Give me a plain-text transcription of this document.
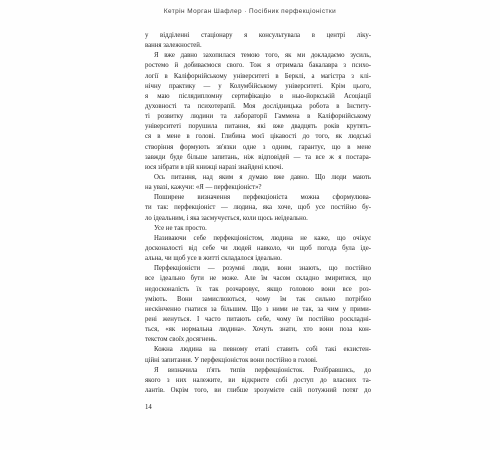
Кетрін Морган Шафлер · Посібник перфекціоністки
у відділенні стаціонару я консультувала в центрі ліку-
вання залежностей.
Я вже давно захопилася темою того, як ми докладаємо зусиль,
ростемо й добиваємося свого. Тож я отримала бакалавра з психо-
логії в Каліфорнійському університеті в Берклі, а магістра з клі-
нічну практику — у Колумбійському університеті. Крім цього,
я маю післядипломну сертифікацію в нью-йоркській Асоціації
духовності та психотерапії. Моя дослідницька робота в Інститу-
ті розвитку людини та лабораторії Гаммена в Каліфорнійському
університеті порушила питання, які вже двадцять років крутять-
ся в мене в голові. Глибина моєї цікавості до того, як людські
створіння формують зв'язки одне з одним, гарантує, що в мене
завжди буде більше запитань, ніж відповідей — та все ж я постара-
юся зібрати в цій книжці наразі знайдені ключі.
Ось питання, над яким я думаю вже давно. Що люди мають
на увазі, кажучи: «Я — перфекціоніст»?
Поширене визначення перфекціоніста можна сформулюва-
ти так: перфекціоніст — людина, яка хоче, щоб усе постійно бу-
ло ідеальним, і яка засмучується, коли щось неідеально.
Усе не так просто.
Називаючи себе перфекціоністом, людина не каже, що очікує
досконалості від себе чи людей навколо, чи щоб погода була іде-
альна, чи щоб усе в житті складалося ідеально.
Перфекціоністи — розумні люди, вони знають, що постійно
все ідеально бути не може. Але їм часом складно змиритися, що
недосконалість їх так розчаровує, якщо головою вони все роз-
уміють. Вони замислюються, чому їм так сильно потрібно
нескінченно гнатися за більшим. Що з ними не так, за чим у прими-
рені женуться. І часто питають себе, чому їм постійно роскладні-
ться, «як нормальна людина». Хочуть знати, хто вони поза кон-
текстом своїх досягнень.
Кожна людина на певному етапі ставить собі такі екзистен-
ційні запитання. У перфекціоністок вони постійно в голові.
Я визначила п'ять типів перфекціоністок. Розібравшись, до
якого з них належите, ви відкриєте собі доступ до власних та-
лантів. Окрім того, ви глибше зрозумієте свій потужний потяг до
14
